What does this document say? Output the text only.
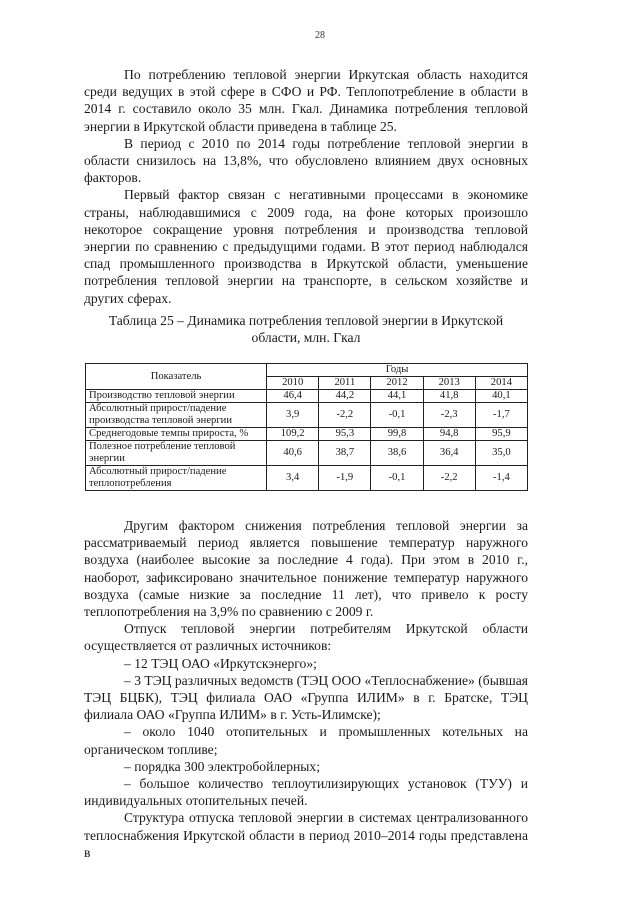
28

По потреблению тепловой энергии Иркутская область находится среди ведущих в этой сфере в СФО и РФ. Теплопотребление в области в 2014 г. составило около 35 млн. Гкал. Динамика потребления тепловой энергии в Иркутской области приведена в таблице 25.

В период с 2010 по 2014 годы потребление тепловой энергии в области снизилось на 13,8%, что обусловлено влиянием двух основных факторов.

Первый фактор связан с негативными процессами в экономике страны, наблюдавшимися с 2009 года, на фоне которых произошло некоторое сокращение уровня потребления и производства тепловой энергии по сравнению с предыдущими годами. В этот период наблюдался спад промышленного производства в Иркутской области, уменьшение потребления тепловой энергии на транспорте, в сельском хозяйстве и других сферах.

Таблица 25 – Динамика потребления тепловой энергии в Иркутской области, млн. Гкал
Показатель	Годы				
	2010	2011	2012	2013	2014
Производство тепловой энергии	46,4	44,2	44,1	41,8	40,1
Абсолютный прирост/падение производства тепловой энергии	3,9	-2,2	-0,1	-2,3	-1,7
Среднегодовые темпы прироста, %	109,2	95,3	99,8	94,8	95,9
Полезное потребление тепловой энергии	40,6	38,7	38,6	36,4	35,0
Абсолютный прирост/падение теплопотребления	3,4	-1,9	-0,1	-2,2	-1,4

Другим фактором снижения потребления тепловой энергии за рассматриваемый период является повышение температур наружного воздуха (наиболее высокие за последние 4 года). При этом в 2010 г., наоборот, зафиксировано значительное понижение температур наружного воздуха (самые низкие за последние 11 лет), что привело к росту теплопотребления на 3,9% по сравнению с 2009 г.

Отпуск тепловой энергии потребителям Иркутской области осуществляется от различных источников:

– 12 ТЭЦ ОАО «Иркутскэнерго»;

– 3 ТЭЦ различных ведомств (ТЭЦ ООО «Теплоснабжение» (бывшая ТЭЦ БЦБК), ТЭЦ филиала ОАО «Группа ИЛИМ» в г. Братске, ТЭЦ филиала ОАО «Группа ИЛИМ» в г. Усть-Илимске);

– около 1040 отопительных и промышленных котельных на органическом топливе;

– порядка 300 электробойлерных;

– большое количество теплоутилизирующих установок (ТУУ) и индивидуальных отопительных печей.

Структура отпуска тепловой энергии в системах централизованного теплоснабжения Иркутской области в период 2010–2014 годы представлена в
